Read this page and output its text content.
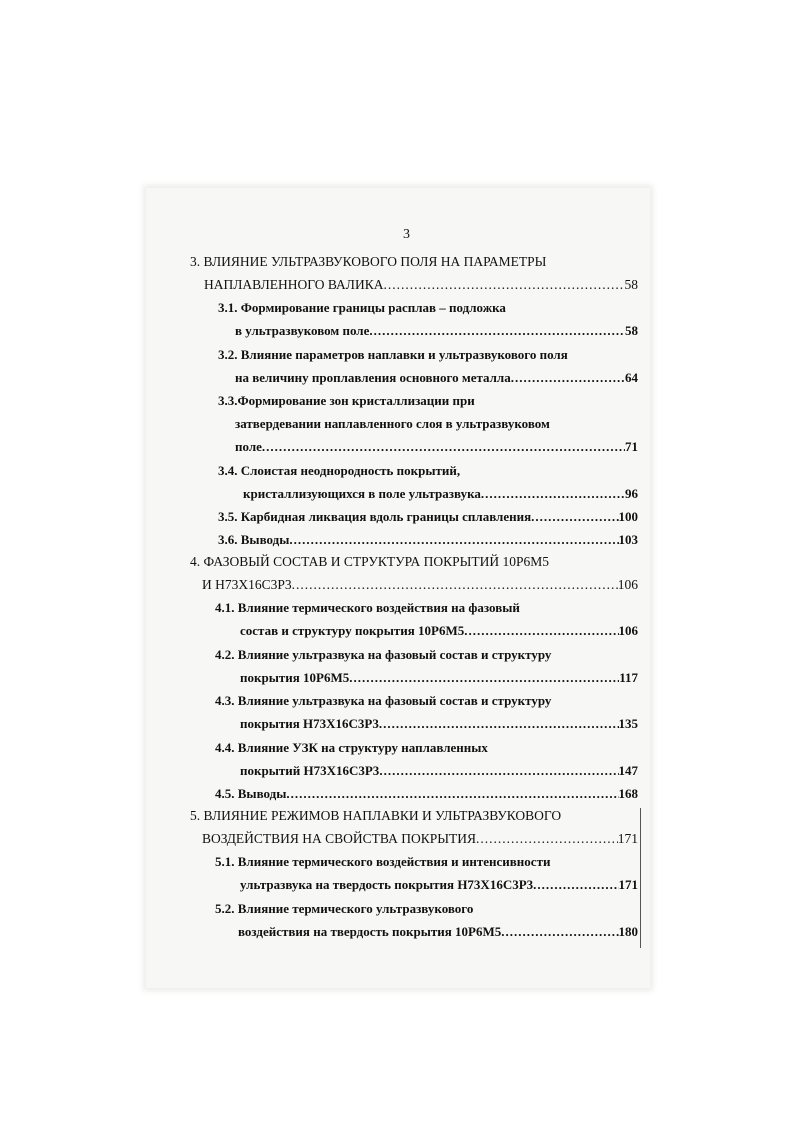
3
3. ВЛИЯНИЕ УЛЬТРАЗВУКОВОГО ПОЛЯ НА ПАРАМЕТРЫ
НАПЛАВЛЕННОГО ВАЛИКА .....	58
3.1. Формирование границы расплав – подложка
в ультразвуковом поле .....	58
3.2. Влияние параметров наплавки и ультразвукового поля
на величину проплавления основного металла .....	64
3.3.Формирование зон кристаллизации при
затвердевании наплавленного слоя в ультразвуковом
поле .....	71
3.4. Слоистая неоднородность покрытий,
кристаллизующихся в поле ультразвука .....	96
3.5. Карбидная ликвация вдоль границы сплавления .....	100
3.6. Выводы .....	103
4. ФАЗОВЫЙ СОСТАВ И СТРУКТУРА ПОКРЫТИЙ 10Р6М5
И Н73Х16С3Р3 .....	106
4.1. Влияние термического воздействия на фазовый
состав и структуру покрытия 10Р6М5 .....	106
4.2. Влияние ультразвука на фазовый состав и структуру
покрытия 10Р6М5 .....	117
4.3. Влияние ультразвука на фазовый состав и структуру
покрытия Н73Х16С3Р3 .....	135
4.4. Влияние УЗК на структуру наплавленных
покрытий Н73Х16С3Р3 .....	147
4.5. Выводы .....	168
5. ВЛИЯНИЕ РЕЖИМОВ НАПЛАВКИ И УЛЬТРАЗВУКОВОГО
ВОЗДЕЙСТВИЯ НА СВОЙСТВА ПОКРЫТИЯ .....	171
5.1. Влияние термического воздействия и интенсивности
ультразвука на твердость покрытия Н73Х16С3Р3 .....	171
5.2. Влияние термического ультразвукового
воздействия на твердость покрытия 10Р6М5 .....	180
